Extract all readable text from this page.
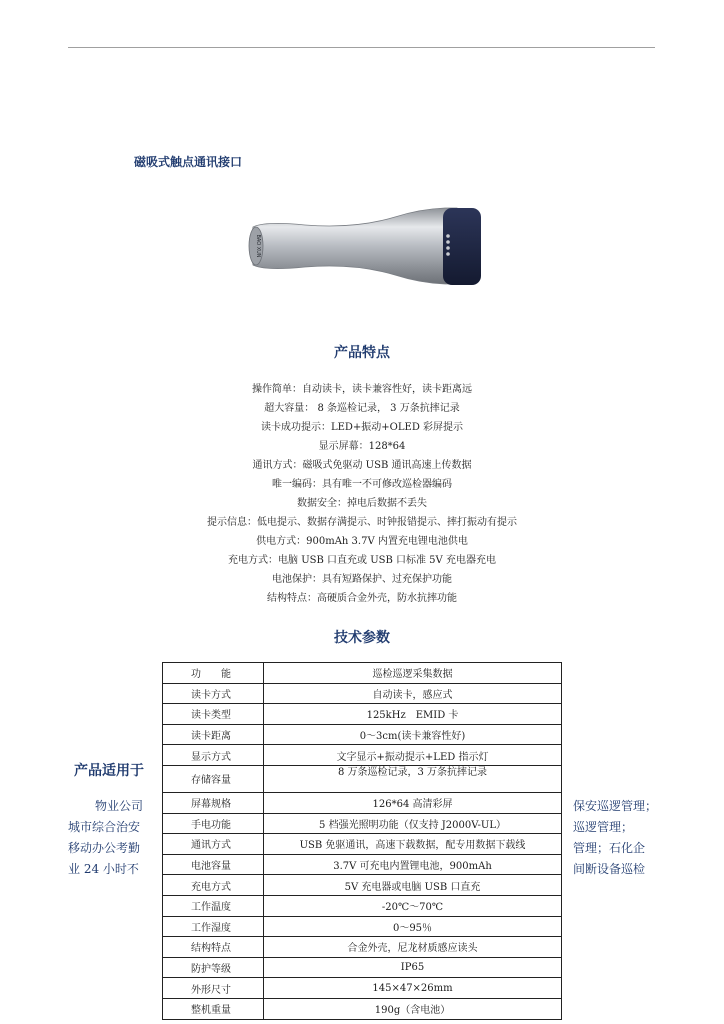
磁吸式触点通讯接口
BAO XUN
产品特点
操作简单：自动读卡，读卡兼容性好，读卡距离远
超大容量： 8 条巡检记录， 3 万条抗摔记录
读卡成功提示：LED+振动+OLED 彩屏提示
显示屏幕：128*64
通讯方式：磁吸式免驱动 USB 通讯高速上传数据
唯一编码：具有唯一不可修改巡检器编码
数据安全：掉电后数据不丢失
提示信息：低电提示、数据存满提示、时钟报错提示、摔打振动有提示
供电方式：900mAh 3.7V 内置充电锂电池供电
充电方式：电脑 USB 口直充或 USB 口标准 5V 充电器充电
电池保护：具有短路保护、过充保护功能
结构特点：高硬质合金外壳，防水抗摔功能
技术参数
功　　能	巡检巡逻采集数据
读卡方式	自动读卡，感应式
读卡类型	125kHz　EMID 卡
读卡距离	0～3cm(读卡兼容性好)
显示方式	文字显示+振动提示+LED 指示灯
存储容量	8 万条巡检记录，3 万条抗摔记录
屏幕规格	126*64 高清彩屏
手电功能	5 档强光照明功能（仅支持 J2000V-UL）
通讯方式	USB 免驱通讯，高速下载数据，配专用数据下载线
电池容量	3.7V 可充电内置锂电池，900mAh
充电方式	5V 充电器或电脑 USB 口直充
工作温度	-20℃～70℃
工作湿度	0～95％
结构特点	合金外壳，尼龙材质感应读头
防护等级	IP65
外形尺寸	145×47×26mm
整机重量	190g（含电池）
产品适用于
物业公司
城市综合治安
移动办公考勤
业 24 小时不
保安巡逻管理；
巡逻管理；
管理；石化企
间断设备巡检
